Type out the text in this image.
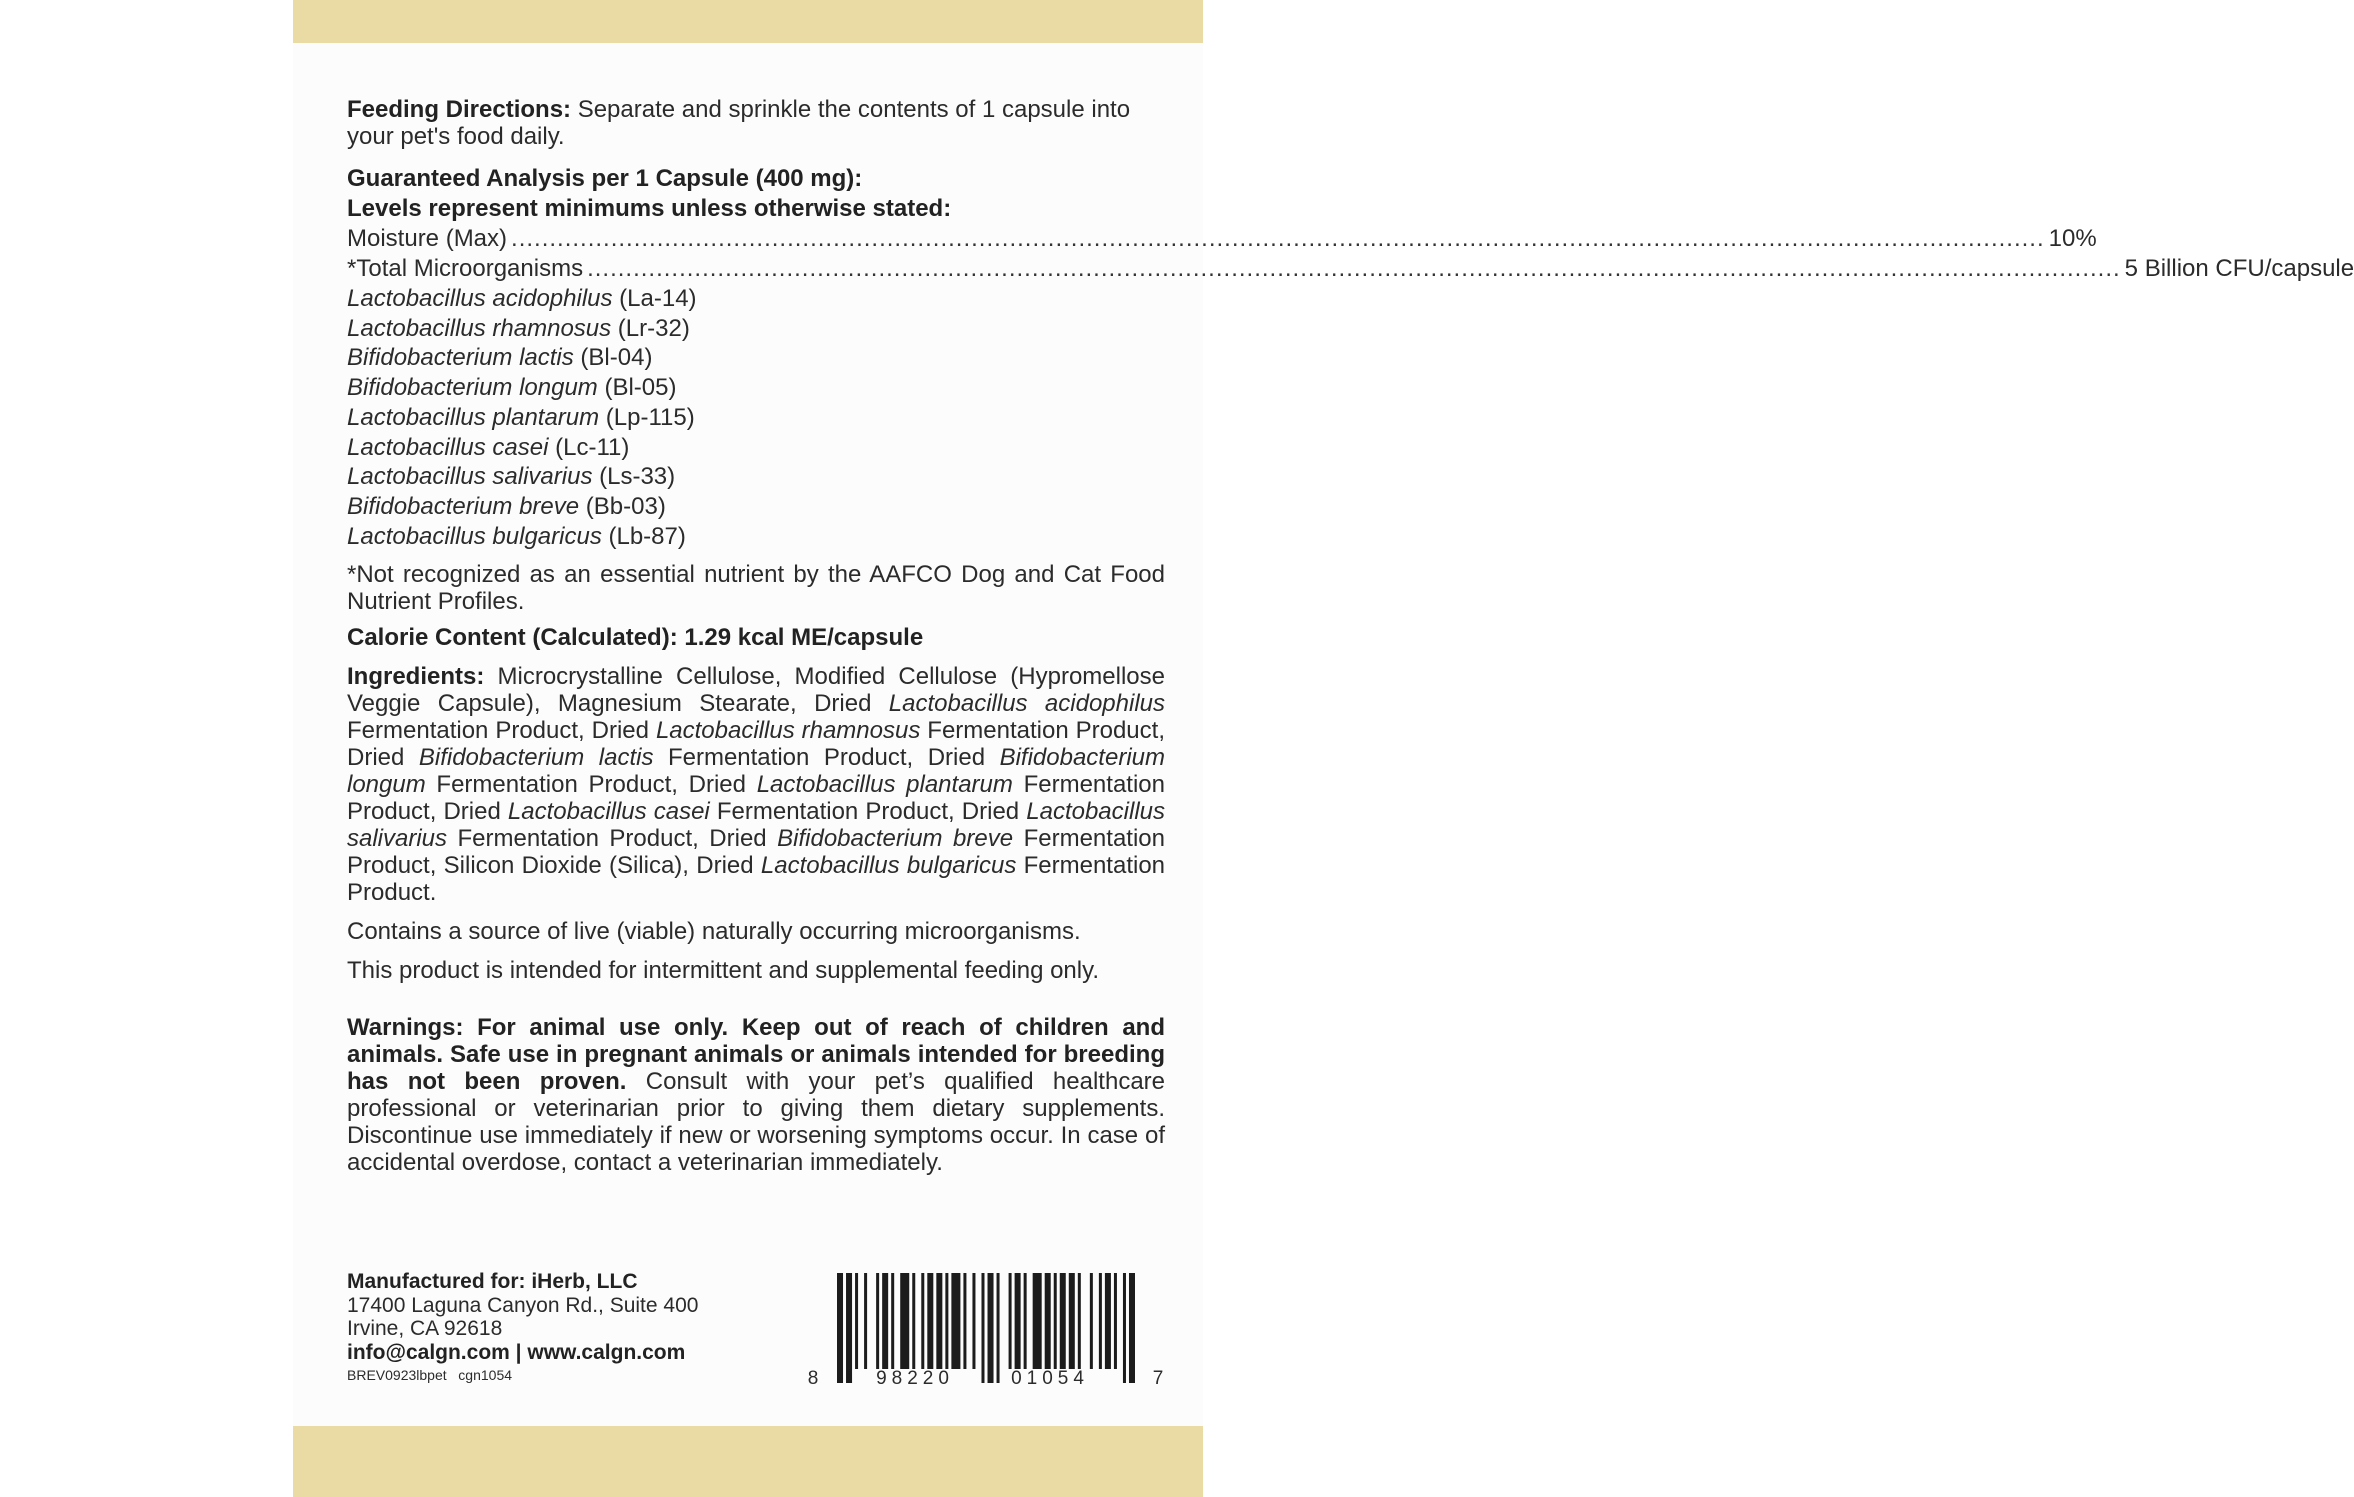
Feeding Directions: Separate and sprinkle the contents of 1 capsule into your pet's food daily.

Guaranteed Analysis per 1 Capsule (400 mg):
Levels represent minimums unless otherwise stated:
Moisture (Max) ........................................................................................................................................................................................................ 10%
*Total Microorganisms ........................................................................................................................................................................................................ 5 Billion CFU/capsule
Lactobacillus acidophilus (La-14)
Lactobacillus rhamnosus (Lr-32)
Bifidobacterium lactis (Bl-04)
Bifidobacterium longum (Bl-05)
Lactobacillus plantarum (Lp-115)
Lactobacillus casei (Lc-11)
Lactobacillus salivarius (Ls-33)
Bifidobacterium breve (Bb-03)
Lactobacillus bulgaricus (Lb-87)

*Not recognized as an essential nutrient by the AAFCO Dog and Cat Food Nutrient Profiles.

Calorie Content (Calculated): 1.29 kcal ME/capsule

Ingredients: Microcrystalline Cellulose, Modified Cellulose (Hypromellose Veggie Capsule), Magnesium Stearate, Dried Lactobacillus acidophilus Fermentation Product, Dried Lactobacillus rhamnosus Fermentation Product, Dried Bifidobacterium lactis Fermentation Product, Dried Bifidobacterium longum Fermentation Product, Dried Lactobacillus plantarum Fermentation Product, Dried Lactobacillus casei Fermentation Product, Dried Lactobacillus salivarius Fermentation Product, Dried Bifidobacterium breve Fermentation Product, Silicon Dioxide (Silica), Dried Lactobacillus bulgaricus Fermentation Product.

Contains a source of live (viable) naturally occurring microorganisms.

This product is intended for intermittent and supplemental feeding only.

Warnings: For animal use only. Keep out of reach of children and animals. Safe use in pregnant animals or animals intended for breeding has not been proven. Consult with your pet’s qualified healthcare professional or veterinarian prior to giving them dietary supplements. Discontinue use immediately if new or worsening symptoms occur. In case of accidental overdose, contact a veterinarian immediately.

Manufactured for: iHerb, LLC
17400 Laguna Canyon Rd., Suite 400
Irvine, CA 92618
info@calgn.com | www.calgn.com
BREV0923lbpet   cgn1054	8	98220	01054	7
